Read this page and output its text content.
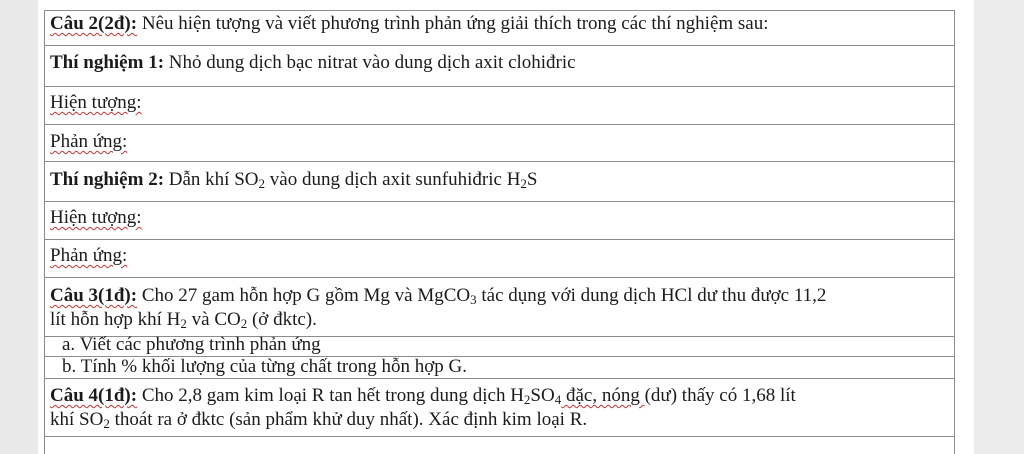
Câu 2(2đ): Nêu hiện tượng và viết phương trình phản ứng giải thích trong các thí nghiệm sau:
Thí nghiệm 1: Nhỏ dung dịch bạc nitrat vào dung dịch axit clohiđric
Hiện tượng:
Phản ứng:
Thí nghiệm 2: Dẫn khí $SO_2$ vào dung dịch axit sunfuhiđric $H_2S$
Hiện tượng:
Phản ứng:
Câu 3(1đ): Cho 27 gam hỗn hợp G gồm Mg và MgCO$_3$ tác dụng với dung dịch HCl dư thu được 11,2
lít hỗn hợp khí $H_2$ và $CO_2$ (ở đktc).
a. Viết các phương trình phản ứng
b. Tính % khối lượng của từng chất trong hỗn hợp G.
Câu 4(1đ): Cho 2,8 gam kim loại R tan hết trong dung dịch $H_2SO_4$ đặc, nóng (dư) thấy có 1,68 lít
khí $SO_2$ thoát ra ở đktc (sản phẩm khử duy nhất). Xác định kim loại R.
